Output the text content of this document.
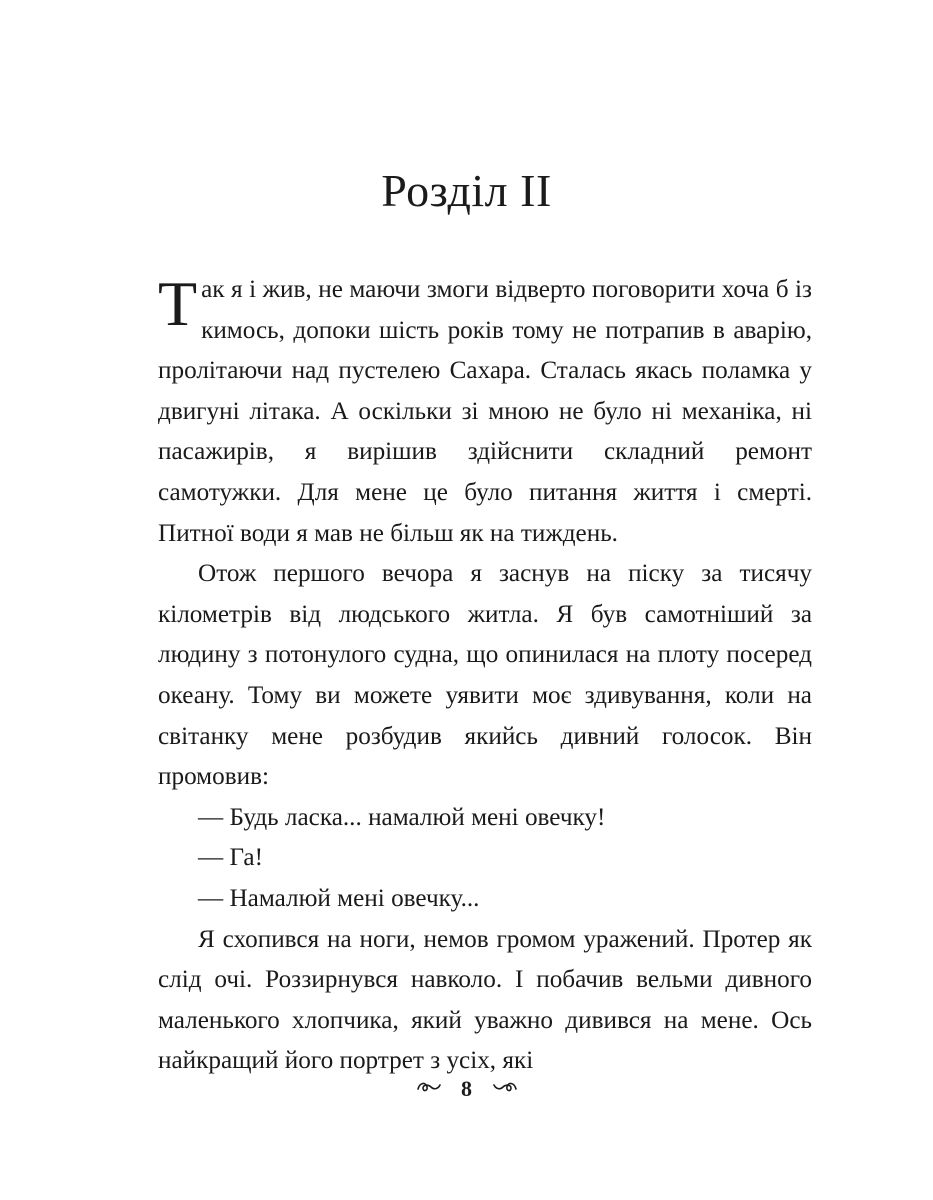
Розділ II

Так я і жив, не маючи змоги відверто поговорити хоча б із кимось, допоки шість років тому не потрапив в аварію, пролітаючи над пустелею Сахара. Сталась якась поламка у двигуні літака. А оскільки зі мною не було ні механіка, ні пасажирів, я вирішив здійснити складний ремонт самотужки. Для мене це було питання життя і смерті. Питної води я мав не більш як на тиждень.

Отож першого вечора я заснув на піску за тисячу кілометрів від людського житла. Я був самотніший за людину з потонулого судна, що опинилася на плоту посеред океану. Тому ви можете уявити моє здивування, коли на світанку мене розбудив якийсь дивний голосок. Він промовив:

— Будь ласка... намалюй мені овечку!

— Га!

— Намалюй мені овечку...

Я схопився на ноги, немов громом уражений. Протер як слід очі. Роззирнувся навколо. І побачив вельми дивного маленького хлопчика, який уважно дивився на мене. Ось найкращий його портрет з усіх, які

8
